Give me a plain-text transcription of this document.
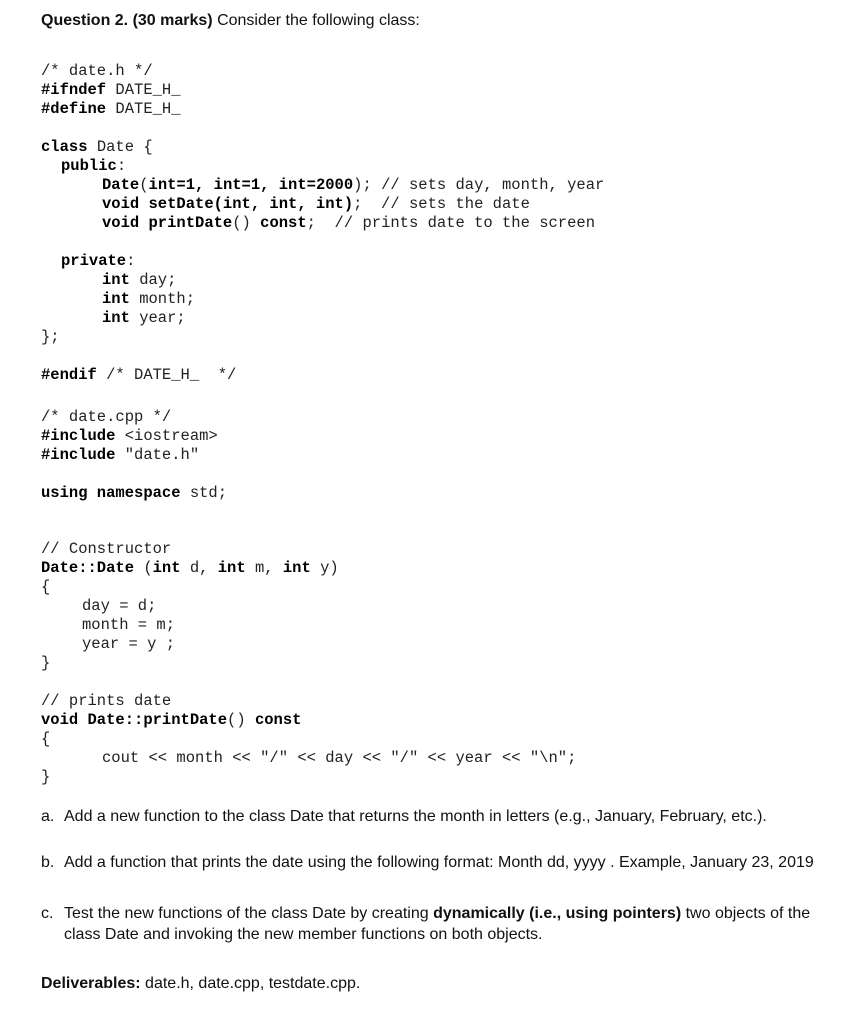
Question 2. (30 marks) Consider the following class:
/* date.h */
#ifndef DATE_H_
#define DATE_H_
class Date {
public:
Date(int=1, int=1, int=2000); // sets day, month, year
void setDate(int, int, int);  // sets the date
void printDate() const;  // prints date to the screen
private:
int day;
int month;
int year;
};
#endif /* DATE_H_  */
/* date.cpp */
#include <iostream>
#include "date.h"
using namespace std;
// Constructor
Date::Date (int d, int m, int y)
{
day = d;
month = m;
year = y ;
}
// prints date
void Date::printDate() const
{
cout << month << "/" << day << "/" << year << "\n";
}
a. Add a new function to the class Date that returns the month in letters (e.g., January, February, etc.).
b. Add a function that prints the date using the following format: Month dd, yyyy . Example, January 23, 2019
c. Test the new functions of the class Date by creating dynamically (i.e., using pointers) two objects of the class Date and invoking the new member functions on both objects.
Deliverables: date.h, date.cpp, testdate.cpp.
